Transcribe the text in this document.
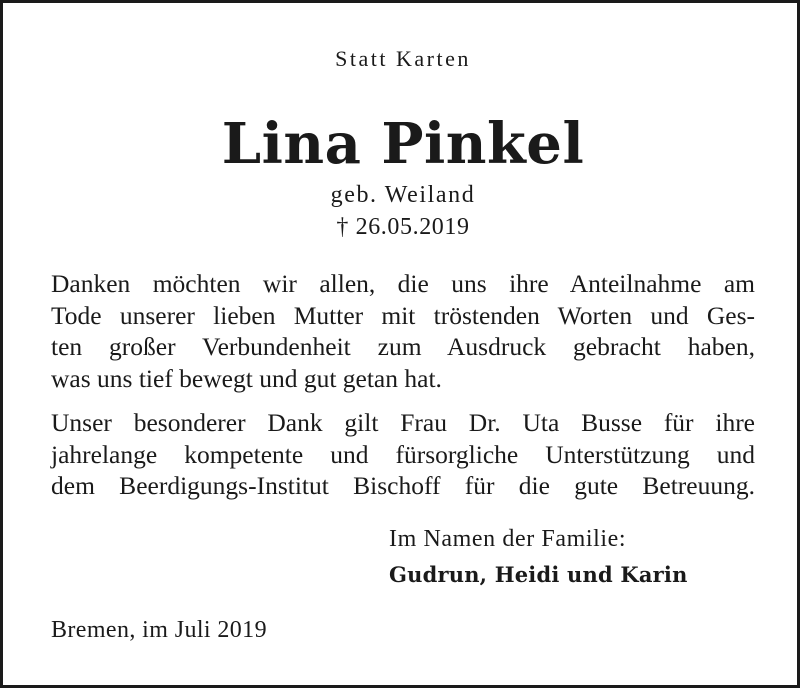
Statt Karten
Lina Pinkel
geb. Weiland
† 26.05.2019
Danken möchten wir allen, die uns ihre Anteilnahme am
Tode unserer lieben Mutter mit tröstenden Worten und Ges-
ten großer Verbundenheit zum Ausdruck gebracht haben,
was uns tief bewegt und gut getan hat.
Unser besonderer Dank gilt Frau Dr. Uta Busse für ihre
jahrelange kompetente und fürsorgliche Unterstützung und
dem Beerdigungs-Institut Bischoff für die gute Betreuung.
Im Namen der Familie:
Gudrun, Heidi und Karin
Bremen, im Juli 2019
